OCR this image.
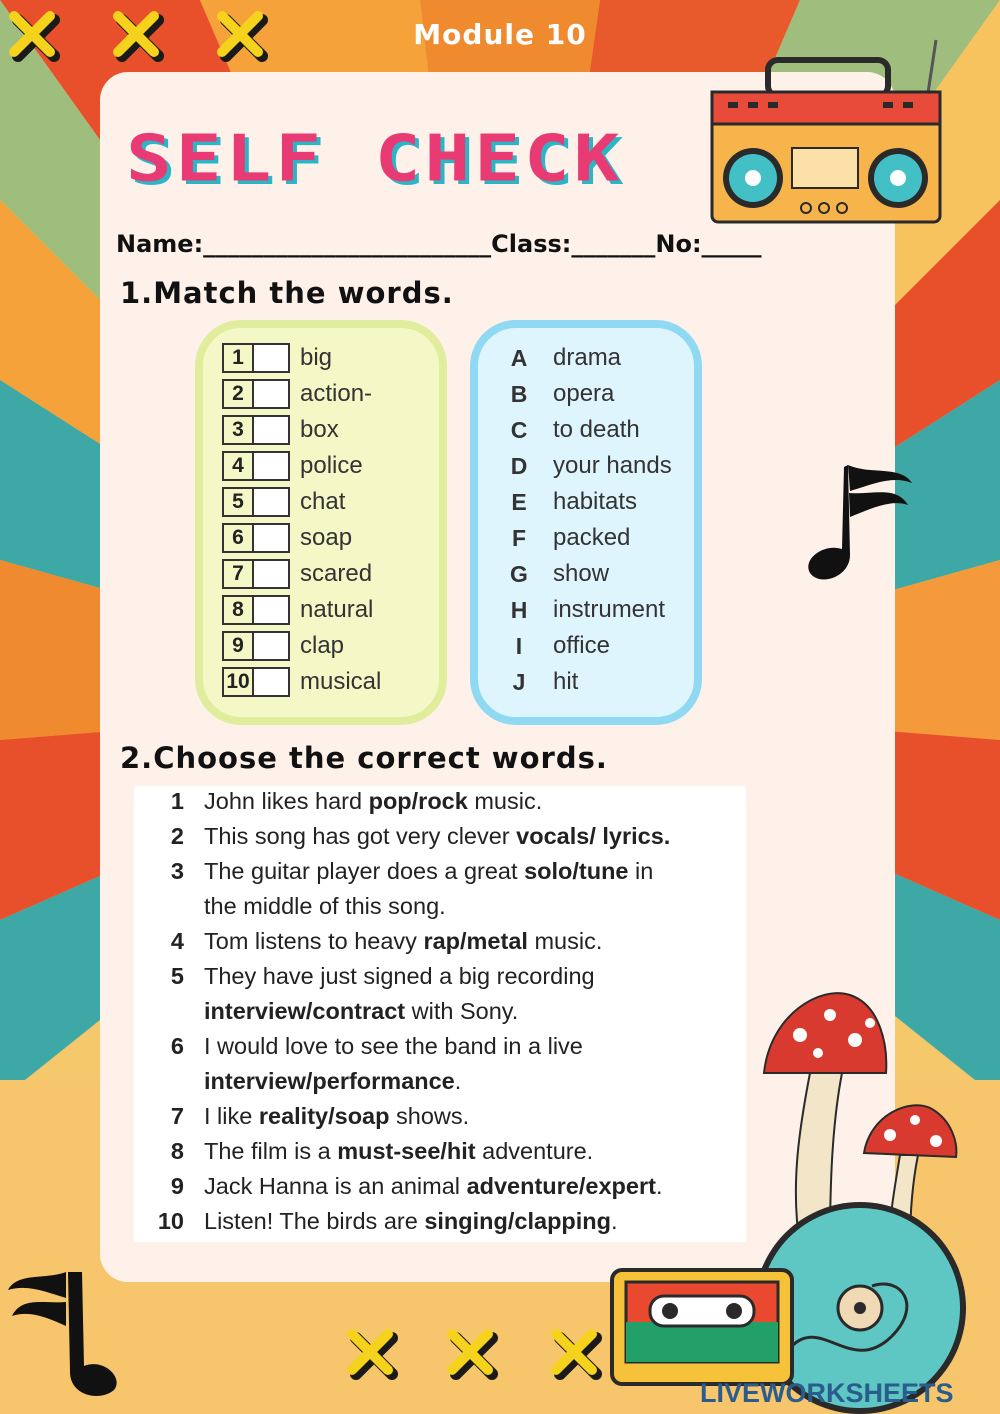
Module 10
SELF CHECK
Name:________________________Class:_______No:_____
1.Match the words.
1	big
2	action-
3	box
4	police
5	chat
6	soap
7	scared
8	natural
9	clap
10 musical
A drama
B opera
C to death
D your hands
E habitats
F packed
G show
H instrument
I	office
J	hit
2.Choose the correct words.
1 John likes hard pop/rock music.
2 This song has got very clever vocals/ lyrics.
3 The guitar player does a great solo/tune in
the middle of this song.
4 Tom listens to heavy rap/metal music.
5 They have just signed a big recording
interview/contract with Sony.
6 I would love to see the band in a live
interview/performance.
7 I like reality/soap shows.
8 The film is a must-see/hit adventure.
9 Jack Hanna is an animal adventure/expert.
10 Listen! The birds are singing/clapping.
LIVEWORKSHEETS
